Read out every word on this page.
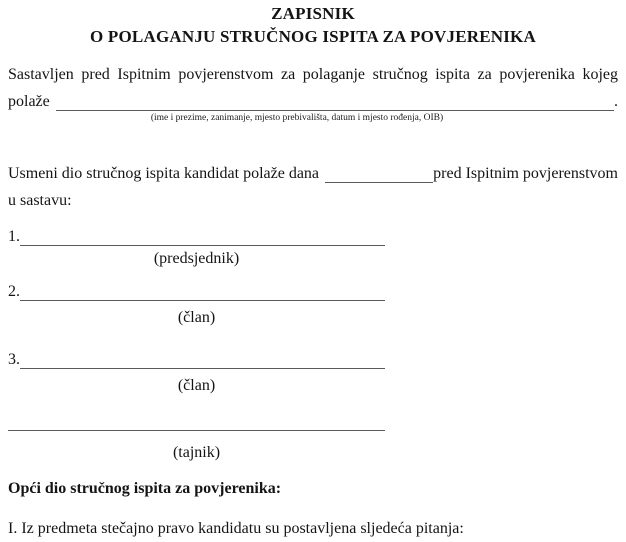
ZAPISNIK
O POLAGANJU STRUČNOG ISPITA ZA POVJERENIKA
Sastavljen pred Ispitnim povjerenstvom za polaganje stručnog ispita za povjerenika kojeg
polaže	.
(ime i prezime, zanimanje, mjesto prebivališta, datum i mjesto rođenja, OIB)
Usmeni dio stručnog ispita kandidat polaže dana	pred Ispitnim povjerenstvom
u sastavu:
1.
(predsjednik)
2.
(član)
3.
(član)
(tajnik)
Opći dio stručnog ispita za povjerenika:
I. Iz predmeta stečajno pravo kandidatu su postavljena sljedeća pitanja:
